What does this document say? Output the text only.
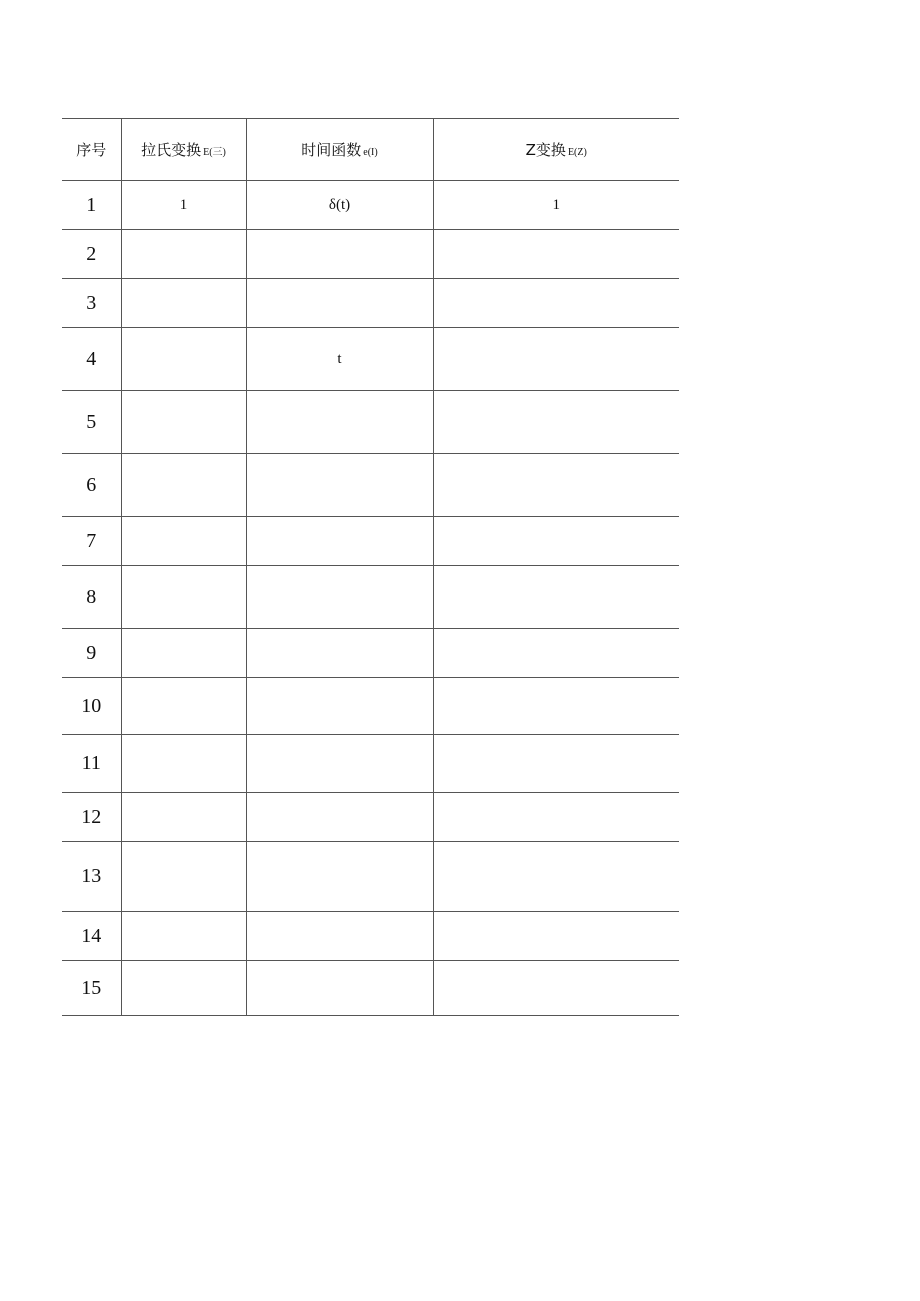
序号	拉氏变换 E(三)	时间函数 e(I)	Z变换 E(Z)
1	1	δ(t)	1
2			
3			
4		t	
5			
6			
7			
8			
9			
10			
11			
12			
13			
14			
15			
